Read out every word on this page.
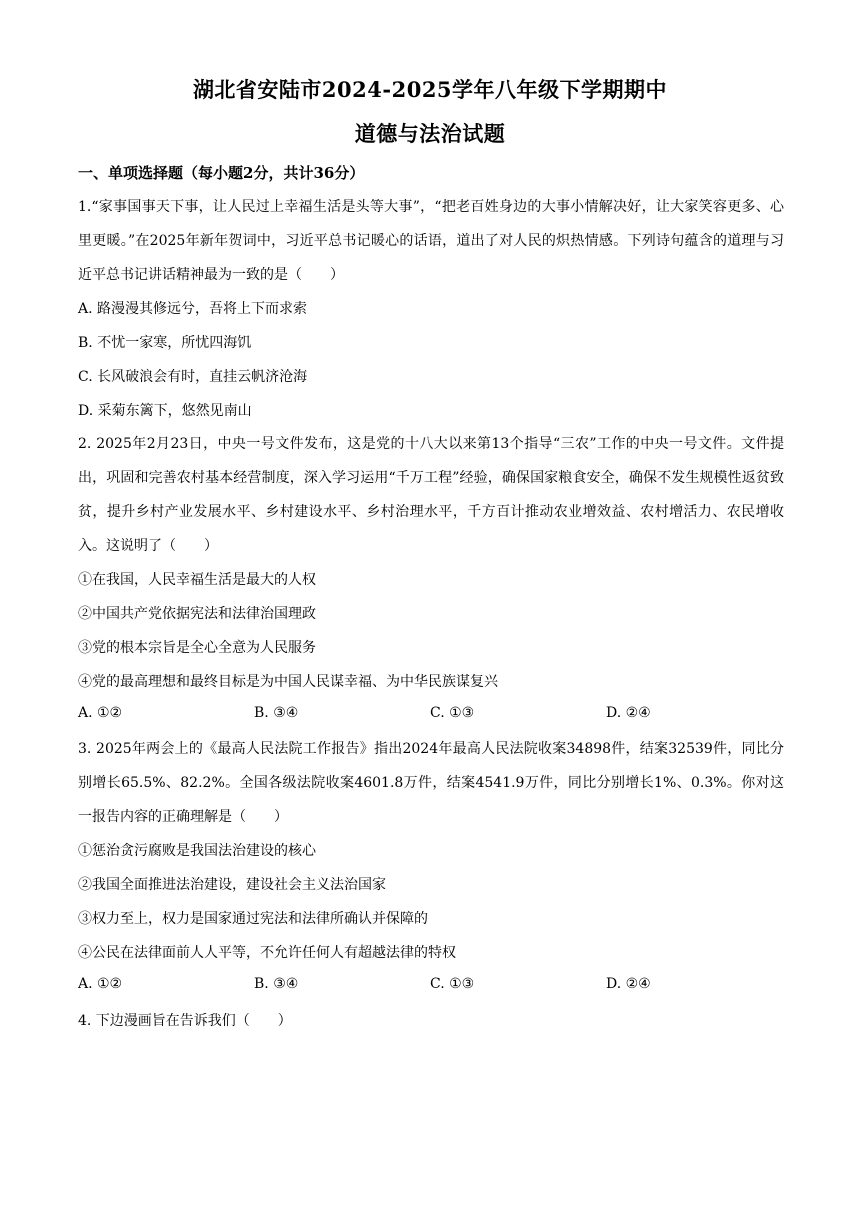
湖北省安陆市2024-2025学年八年级下学期期中
道德与法治试题
一、单项选择题（每小题2分，共计36分）
1.“家事国事天下事，让人民过上幸福生活是头等大事”，“把老百姓身边的大事小情解决好，让大家笑容更多、心里更暖。”在2025年新年贺词中，习近平总书记暖心的话语，道出了对人民的炽热情感。下列诗句蕴含的道理与习近平总书记讲话精神最为一致的是（　　）
A. 路漫漫其修远兮，吾将上下而求索
B. 不忧一家寒，所忧四海饥
C. 长风破浪会有时，直挂云帆济沧海
D. 采菊东篱下，悠然见南山
2. 2025年2月23日，中央一号文件发布，这是党的十八大以来第13个指导“三农”工作的中央一号文件。文件提出，巩固和完善农村基本经营制度，深入学习运用“千万工程”经验，确保国家粮食安全，确保不发生规模性返贫致贫，提升乡村产业发展水平、乡村建设水平、乡村治理水平，千方百计推动农业增效益、农村增活力、农民增收入。这说明了（　　）
①在我国，人民幸福生活是最大的人权
②中国共产党依据宪法和法律治国理政
③党的根本宗旨是全心全意为人民服务
④党的最高理想和最终目标是为中国人民谋幸福、为中华民族谋复兴
A. ①②	B. ③④	C. ①③	D. ②④
3. 2025年两会上的《最高人民法院工作报告》指出2024年最高人民法院收案34898件，结案32539件，同比分别增长65.5%、82.2%。全国各级法院收案4601.8万件，结案4541.9万件，同比分别增长1%、0.3%。你对这一报告内容的正确理解是（　　）
①惩治贪污腐败是我国法治建设的核心
②我国全面推进法治建设，建设社会主义法治国家
③权力至上，权力是国家通过宪法和法律所确认并保障的
④公民在法律面前人人平等，不允许任何人有超越法律的特权
A. ①②	B. ③④	C. ①③	D. ②④
4. 下边漫画旨在告诉我们（　　）
